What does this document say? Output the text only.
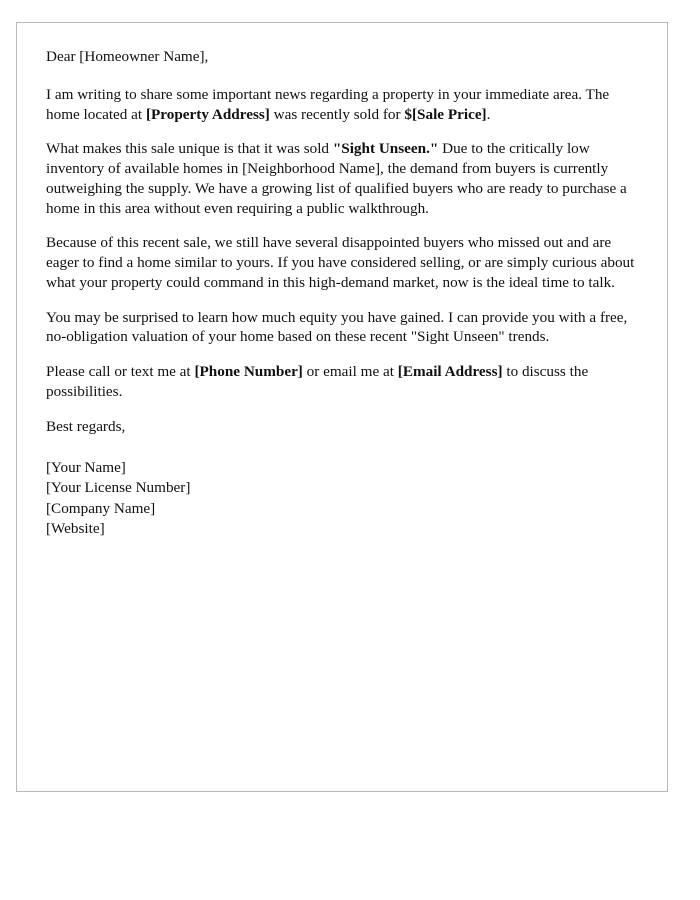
Dear [Homeowner Name],

I am writing to share some important news regarding a property in your immediate area. The home located at [Property Address] was recently sold for $[Sale Price].

What makes this sale unique is that it was sold "Sight Unseen." Due to the critically low inventory of available homes in [Neighborhood Name], the demand from buyers is currently outweighing the supply. We have a growing list of qualified buyers who are ready to purchase a home in this area without even requiring a public walkthrough.

Because of this recent sale, we still have several disappointed buyers who missed out and are eager to find a home similar to yours. If you have considered selling, or are simply curious about what your property could command in this high-demand market, now is the ideal time to talk.

You may be surprised to learn how much equity you have gained. I can provide you with a free, no-obligation valuation of your home based on these recent "Sight Unseen" trends.

Please call or text me at [Phone Number] or email me at [Email Address] to discuss the possibilities.

Best regards,

[Your Name]

[Your License Number]

[Company Name]

[Website]
